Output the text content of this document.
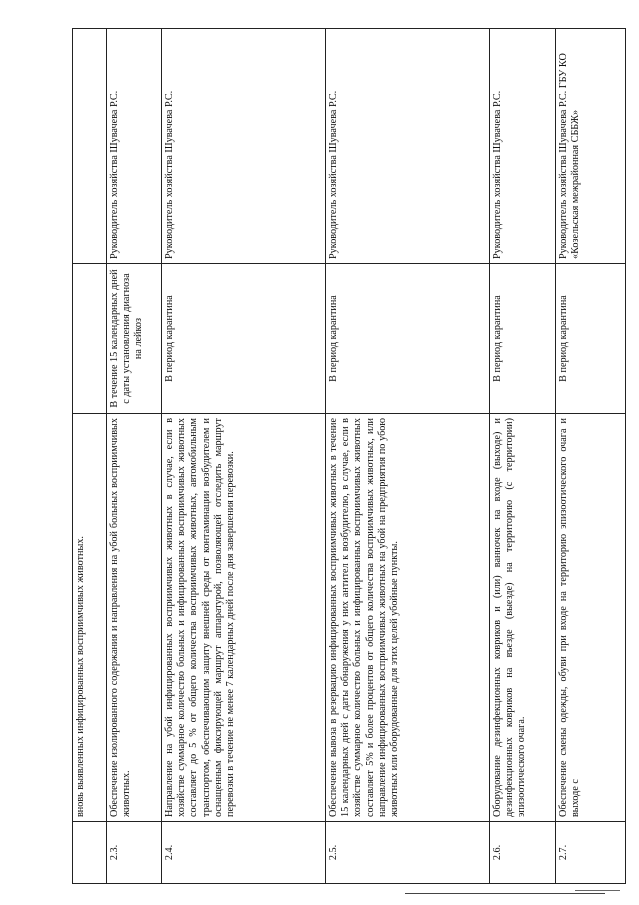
	вновь выявленных инфицированных восприимчивых животных.		
2.3.	Обеспечение изолированного содержания и направления на убой больных восприимчивых животных.	В течение 15 календарных дней с даты установления диагноза на лейкоз	Руководитель хозяйства Шувачева Р.С.
2.4.	Направление на убой инфицированных восприимчивых животных в случае, если в хозяйстве суммарное количество больных и инфицированных восприимчивых животных составляет до 5 % от общего количества восприимчивых животных, автомобильным транспортом, обеспечивающим защиту внешней среды от контаминации возбудителем и оснащенным фиксирующей маршрут аппаратурой, позволяющей отследить маршрут перевозки в течение не менее 7 календарных дней после дня завершения перевозки.	В период карантина	Руководитель хозяйства Шувачева Р.С.
2.5.	Обеспечение вывоза в резервацию инфицированных восприимчивых животных в течение 15 календарных дней с даты обнаружения у них антител к возбудителю, в случае, если в хозяйстве суммарное количество больных и инфицированных восприимчивых животных составляет 5% и более процентов от общего количества восприимчивых животных, или направление инфицированных восприимчивых животных на убой на предприятия по убою животных или оборудованные для этих целей убойные пункты.	В период карантина	Руководитель хозяйства Шувачева Р.С.
2.6.	Оборудование дезинфекционных ковриков и (или) ванночек на входе (выходе) и дезинфекционных ковриков на въезде (выезде) на территорию (с территории) эпизоотического очага.	В период карантина	Руководитель хозяйства Шувачева Р.С.
2.7.	Обеспечение смены одежды, обуви при входе на территорию эпизоотического очага и выходе с	В период карантина	Руководитель хозяйства Шувачева Р.С. ГБУ КО «Козельская межрайонная СББЖ»
